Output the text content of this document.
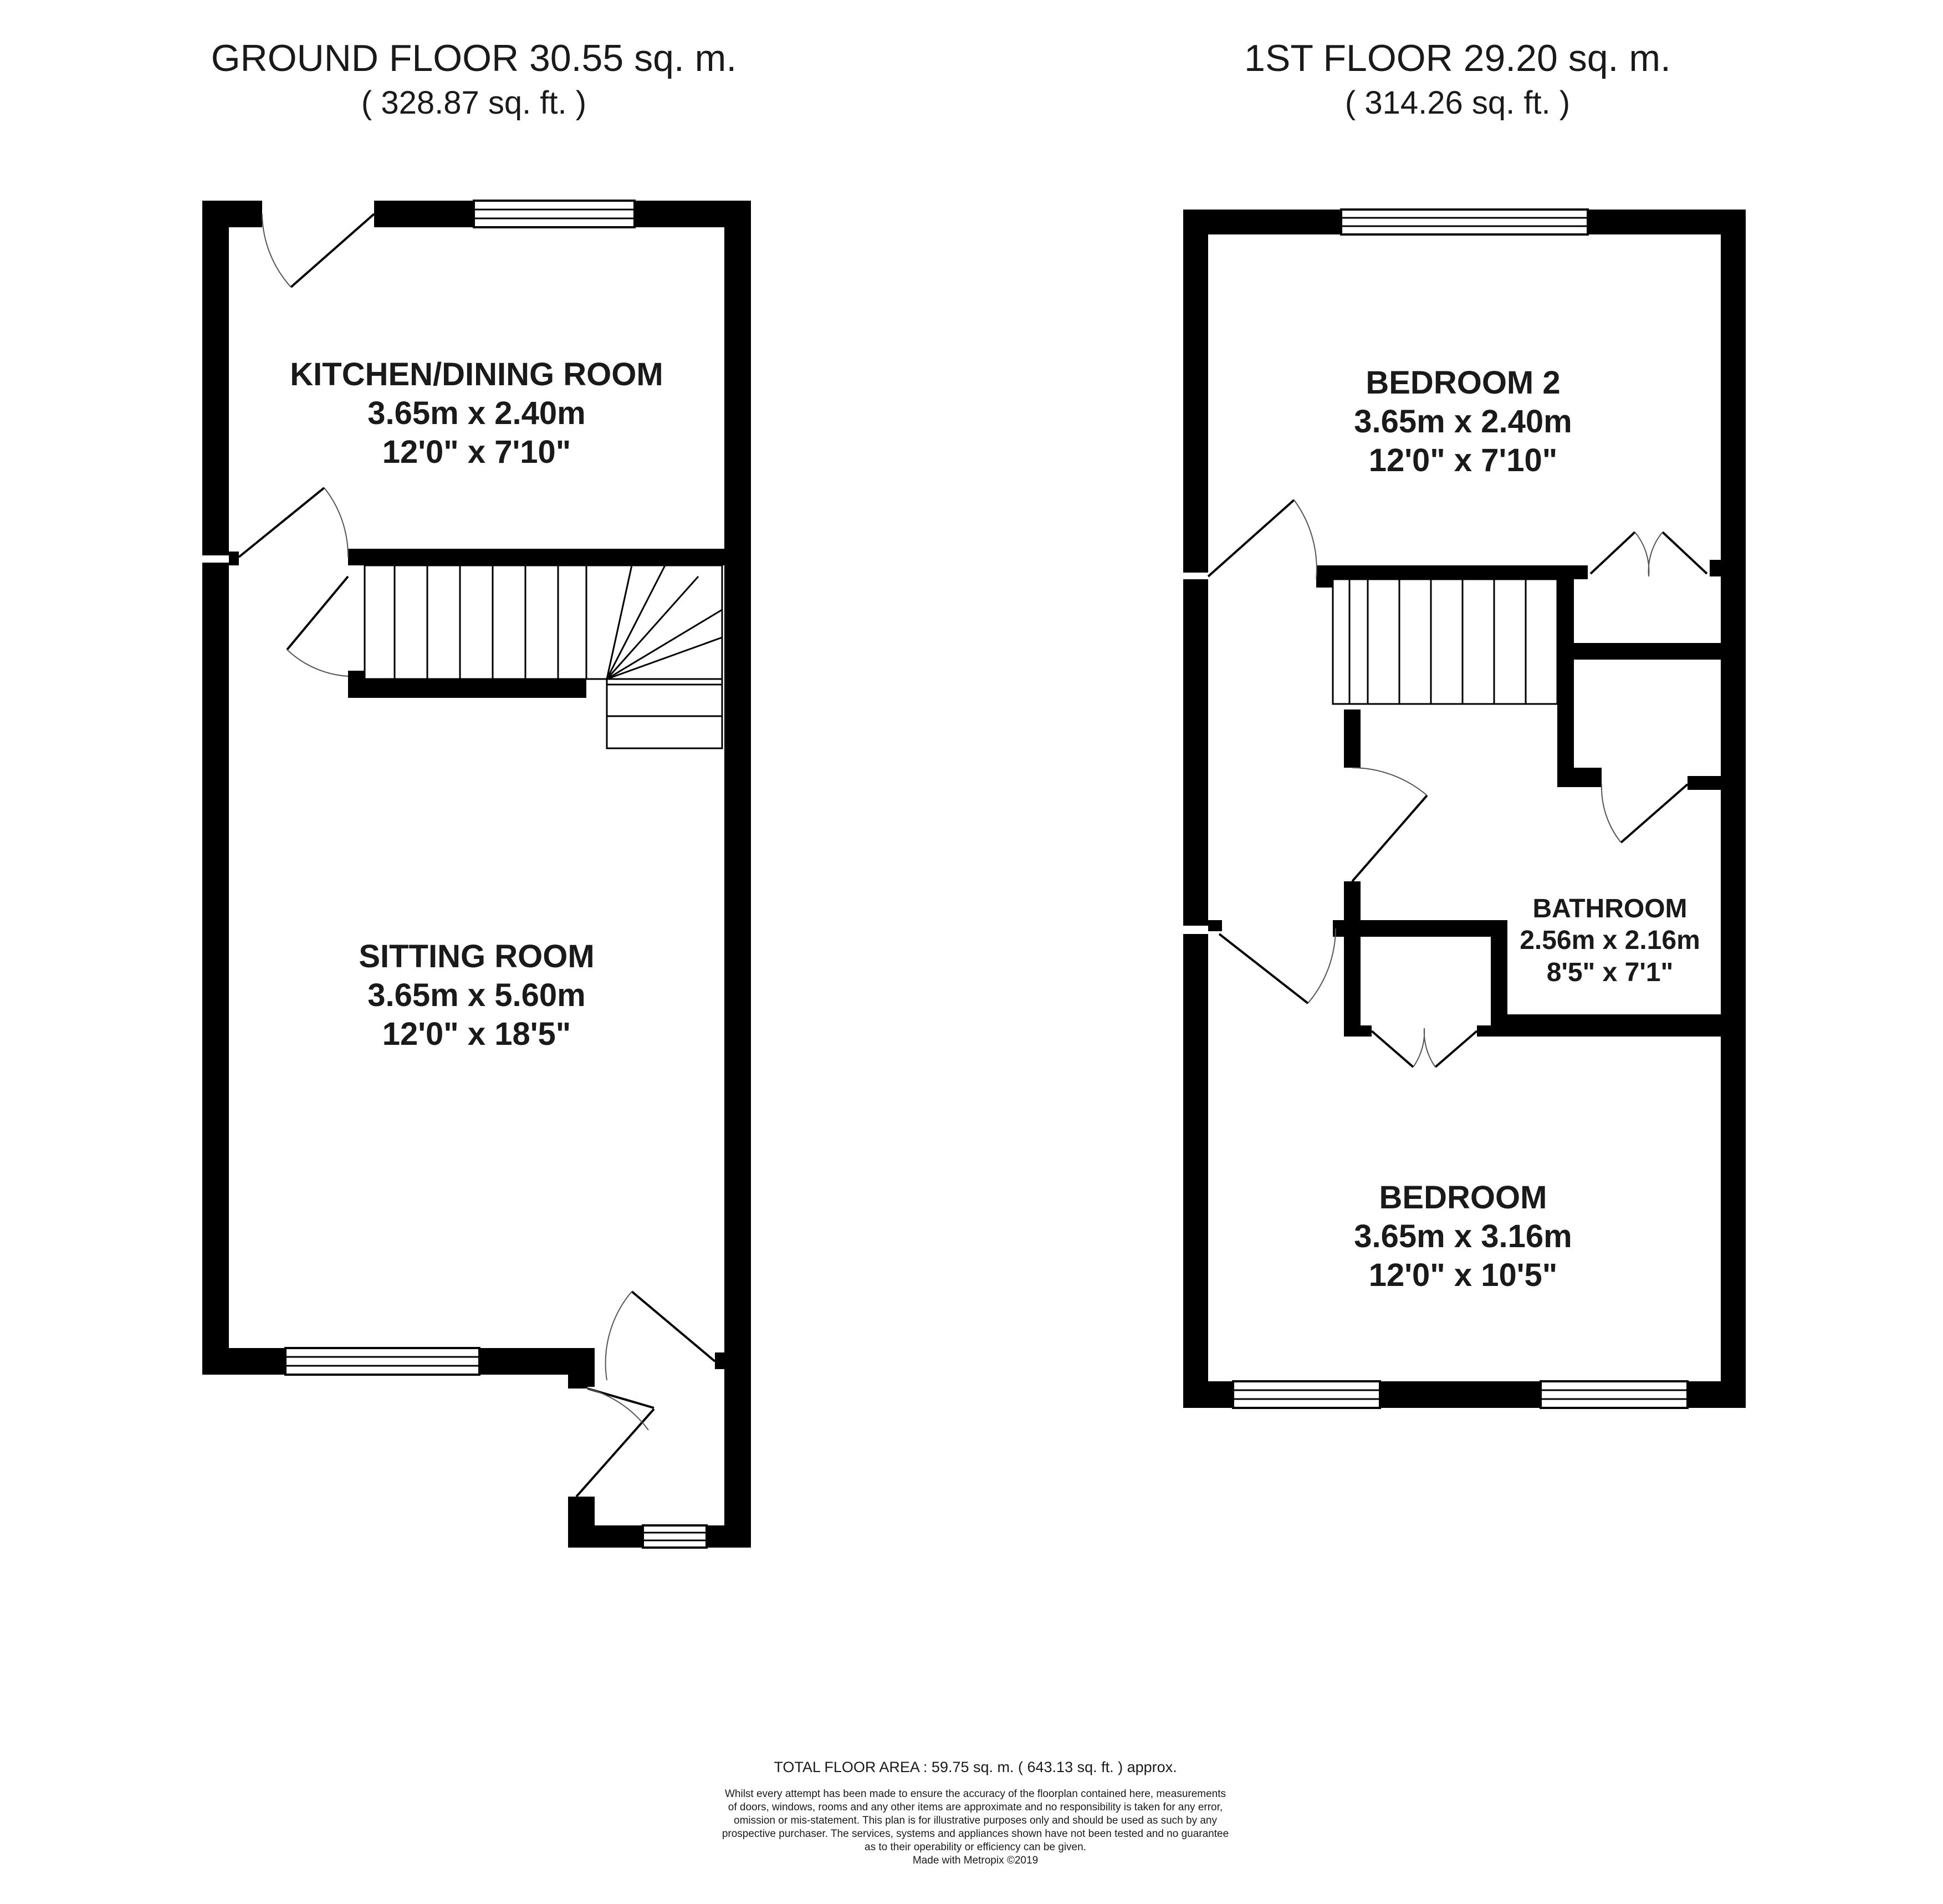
GROUND FLOOR 30.55 sq. m.
( 328.87 sq. ft. )
1ST FLOOR 29.20 sq. m.
( 314.26 sq. ft. )
KITCHEN/DINING ROOM
3.65m x 2.40m
12'0" x 7'10"
SITTING ROOM
3.65m x 5.60m
12'0" x 18'5"
BEDROOM 2
3.65m x 2.40m
12'0" x 7'10"
BATHROOM
2.56m x 2.16m
8'5" x 7'1"
BEDROOM
3.65m x 3.16m
12'0" x 10'5"
TOTAL FLOOR AREA : 59.75 sq. m. ( 643.13 sq. ft. ) approx.
Whilst every attempt has been made to ensure the accuracy of the floorplan contained here, measurements
of doors, windows, rooms and any other items are approximate and no responsibility is taken for any error,
omission or mis-statement. This plan is for illustrative purposes only and should be used as such by any
prospective purchaser. The services, systems and appliances shown have not been tested and no guarantee
as to their operability or efficiency can be given.
Made with Metropix ©2019
